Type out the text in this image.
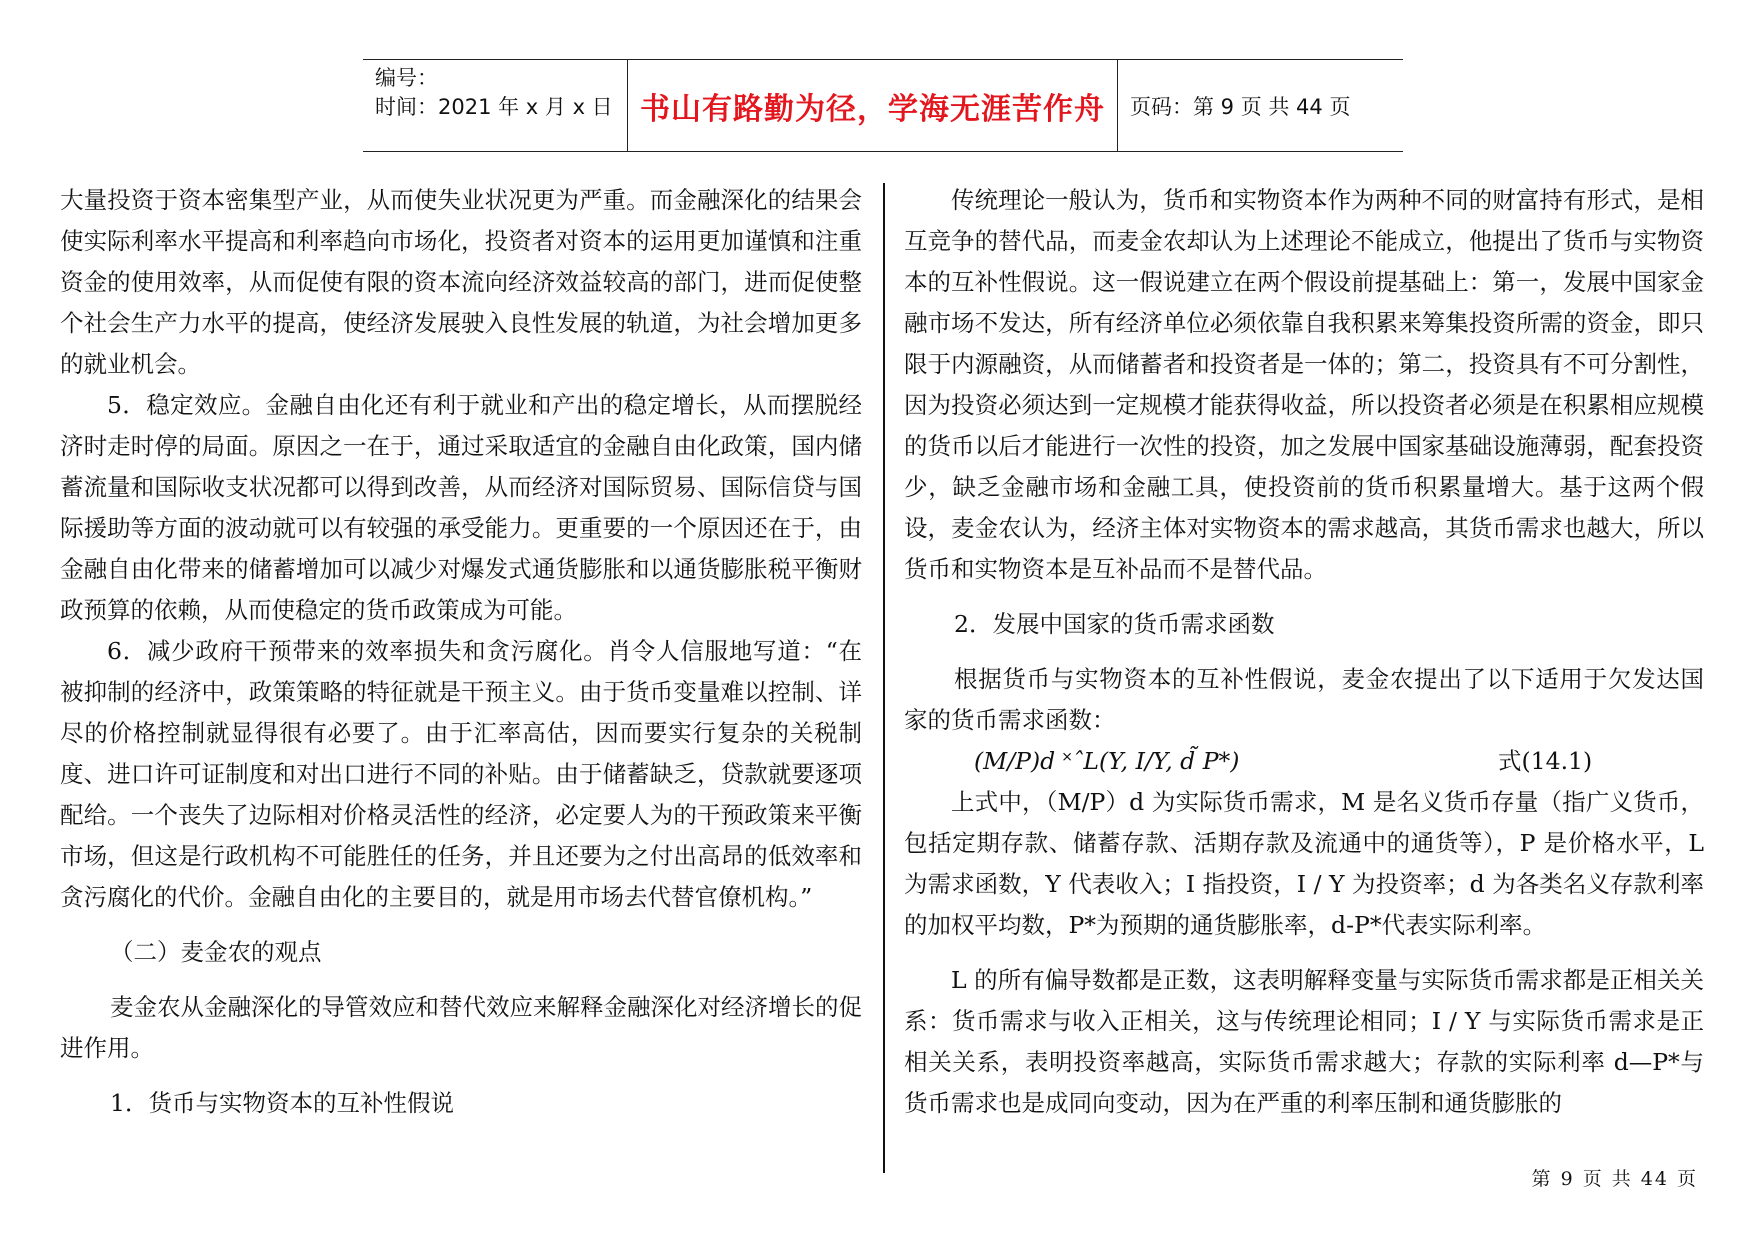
编号：
时间：2021 年 x 月 x 日 书山有路勤为径，学海无涯苦作舟	页码：第 9 页 共 44 页

大量投资于资本密集型产业，从而使失业状况更为严重。而金融深化的结果会使实际利率水平提高和利率趋向市场化，投资者对资本的运用更加谨慎和注重资金的使用效率，从而促使有限的资本流向经济效益较高的部门，进而促使整个社会生产力水平的提高，使经济发展驶入良性发展的轨道，为社会增加更多的就业机会。

5．稳定效应。金融自由化还有利于就业和产出的稳定增长，从而摆脱经济时走时停的局面。原因之一在于，通过采取适宜的金融自由化政策，国内储蓄流量和国际收支状况都可以得到改善，从而经济对国际贸易、国际信贷与国际援助等方面的波动就可以有较强的承受能力。更重要的一个原因还在于，由金融自由化带来的储蓄增加可以减少对爆发式通货膨胀和以通货膨胀税平衡财政预算的依赖，从而使稳定的货币政策成为可能。

6．减少政府干预带来的效率损失和贪污腐化。肖令人信服地写道：“在被抑制的经济中，政策策略的特征就是干预主义。由于货币变量难以控制、详尽的价格控制就显得很有必要了。由于汇率高估，因而要实行复杂的关税制度、进口许可证制度和对出口进行不同的补贴。由于储蓄缺乏，贷款就要逐项配给。一个丧失了边际相对价格灵活性的经济，必定要人为的干预政策来平衡市场，但这是行政机构不可能胜任的任务，并且还要为之付出高昂的低效率和贪污腐化的代价。金融自由化的主要目的，就是用市场去代替官僚机构。”

（二）麦金农的观点

麦金农从金融深化的导管效应和替代效应来解释金融深化对经济增长的促进作用。

1．货币与实物资本的互补性假说

传统理论一般认为，货币和实物资本作为两种不同的财富持有形式，是相互竞争的替代品，而麦金农却认为上述理论不能成立，他提出了货币与实物资本的互补性假说。这一假说建立在两个假设前提基础上：第一，发展中国家金融市场不发达，所有经济单位必须依靠自我积累来筹集投资所需的资金，即只限于内源融资，从而储蓄者和投资者是一体的；第二，投资具有不可分割性，因为投资必须达到一定规模才能获得收益，所以投资者必须是在积累相应规模的货币以后才能进行一次性的投资，加之发展中国家基础设施薄弱，配套投资少，缺乏金融市场和金融工具，使投资前的货币积累量增大。基于这两个假设，麦金农认为，经济主体对实物资本的需求越高，其货币需求也越大，所以货币和实物资本是互补品而不是替代品。

2．发展中国家的货币需求函数

根据货币与实物资本的互补性假说，麦金农提出了以下适用于欠发达国家的货币需求函数：

(M/P)d ˟ˆL(Y, I/Y, d̃ P*)	式(14.1)

上式中，（M/P）d 为实际货币需求，M 是名义货币存量（指广义货币，包括定期存款、储蓄存款、活期存款及流通中的通货等），P 是价格水平，L 为需求函数，Y 代表收入；I 指投资，I / Y 为投资率；d 为各类名义存款利率的加权平均数，P*为预期的通货膨胀率，d-P*代表实际利率。

L 的所有偏导数都是正数，这表明解释变量与实际货币需求都是正相关关系：货币需求与收入正相关，这与传统理论相同；I / Y 与实际货币需求是正相关关系，表明投资率越高，实际货币需求越大；存款的实际利率 d—P*与货币需求也是成同向变动，因为在严重的利率压制和通货膨胀的

第 9 页 共 44 页
